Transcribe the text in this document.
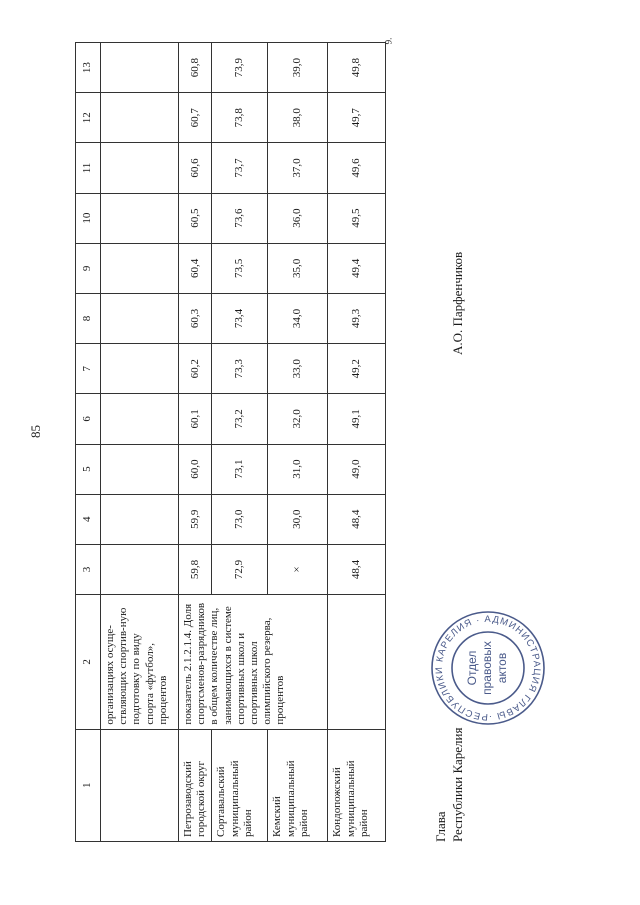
85
9.
1	2	3	4	5	6	7	8	9	10	11	12	13
	организациях осуще-ствляющих спортив-ную подготовку по виду спорта «футбол», процентов											
Петрозаводский городской округ	показатель 2.1.2.1.4. Доля спортсменов-разрядников в общем количестве лиц, занимающихся в системе спортивных школ и спортивных школ олимпийского резерва, процентов	59,8	59,9	60,0	60,1	60,2	60,3	60,4	60,5	60,6	60,7	60,8
Сортавальский муниципальный район		72,9	73,0	73,1	73,2	73,3	73,4	73,5	73,6	73,7	73,8	73,9
Кемский муниципальный район		×	30,0	31,0	32,0	33,0	34,0	35,0	36,0	37,0	38,0	39,0
Кондопожский муниципальный район		48,4	48,4	49,0	49,1	49,2	49,3	49,4	49,5	49,6	49,7	49,8
Глава Республики Карелия
А.О. Парфенчиков
РЕСПУБЛИКИ КАРЕЛИЯ · АДМИНИСТРАЦИЯ ГЛАВЫ ·
Отдел правовых актов
